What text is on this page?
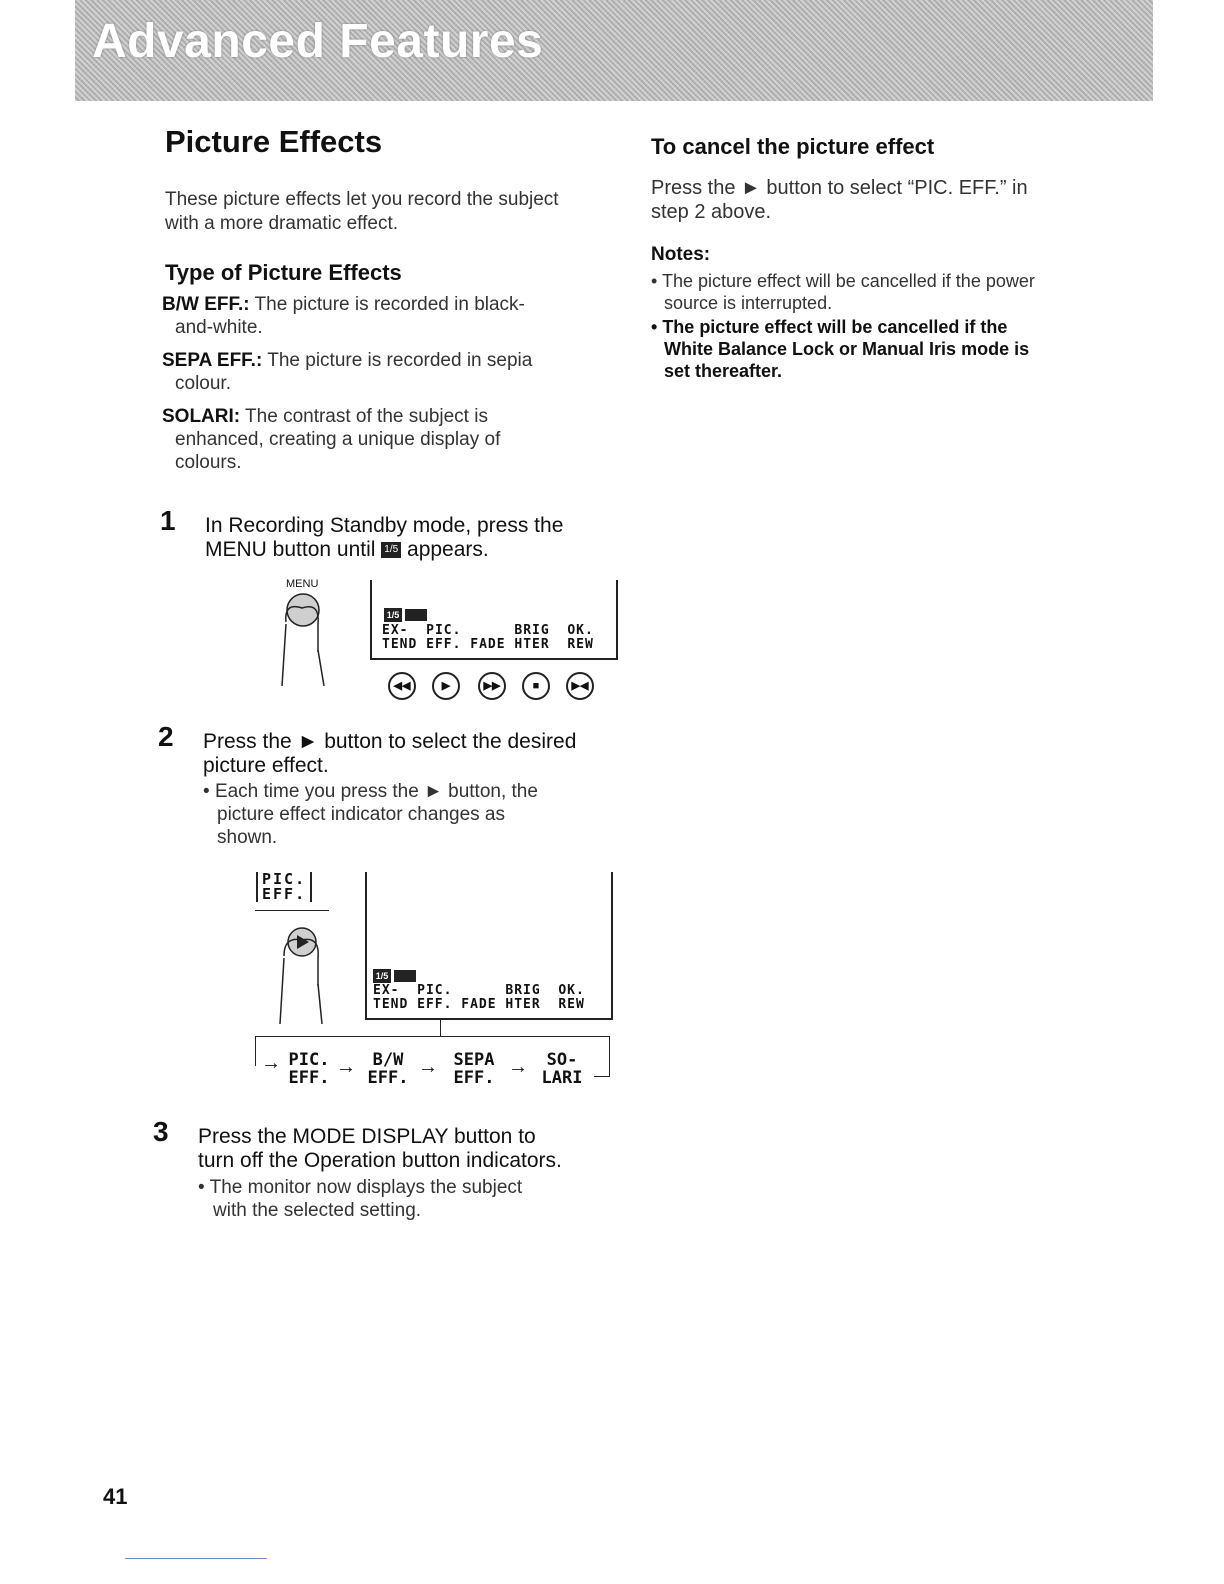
Advanced Features
Picture Effects
These picture effects let you record the subject
with a more dramatic effect.
Type of Picture Effects
B/W EFF.: The picture is recorded in black-
and-white.
SEPA EFF.: The picture is recorded in sepia
colour.
SOLARI: The contrast of the subject is
enhanced, creating a unique display of
colours.
1 In Recording Standby mode, press the
MENU button until 1/5 appears.
MENU
1/5
EX-  PIC.      BRIG  OK.
TEND EFF. FADE HTER  REW
◀◀	▶	▶▶	■	▶◀
2 Press the ► button to select the desired
picture effect.
• Each time you press the ► button, the
picture effect indicator changes as
shown.
PIC.
EFF.
1/5
EX-  PIC.      BRIG  OK.
TEND EFF. FADE HTER  REW
→ PIC.
EFF. → B/W
EFF. → SEPA
EFF. →	SO-
LARI
3 Press the MODE DISPLAY button to
turn off the Operation button indicators.
• The monitor now displays the subject
with the selected setting.
To cancel the picture effect
Press the ► button to select “PIC. EFF.” in
step 2 above.
Notes:
• The picture effect will be cancelled if the power
source is interrupted.
• The picture effect will be cancelled if the
White Balance Lock or Manual Iris mode is
set thereafter.
41
